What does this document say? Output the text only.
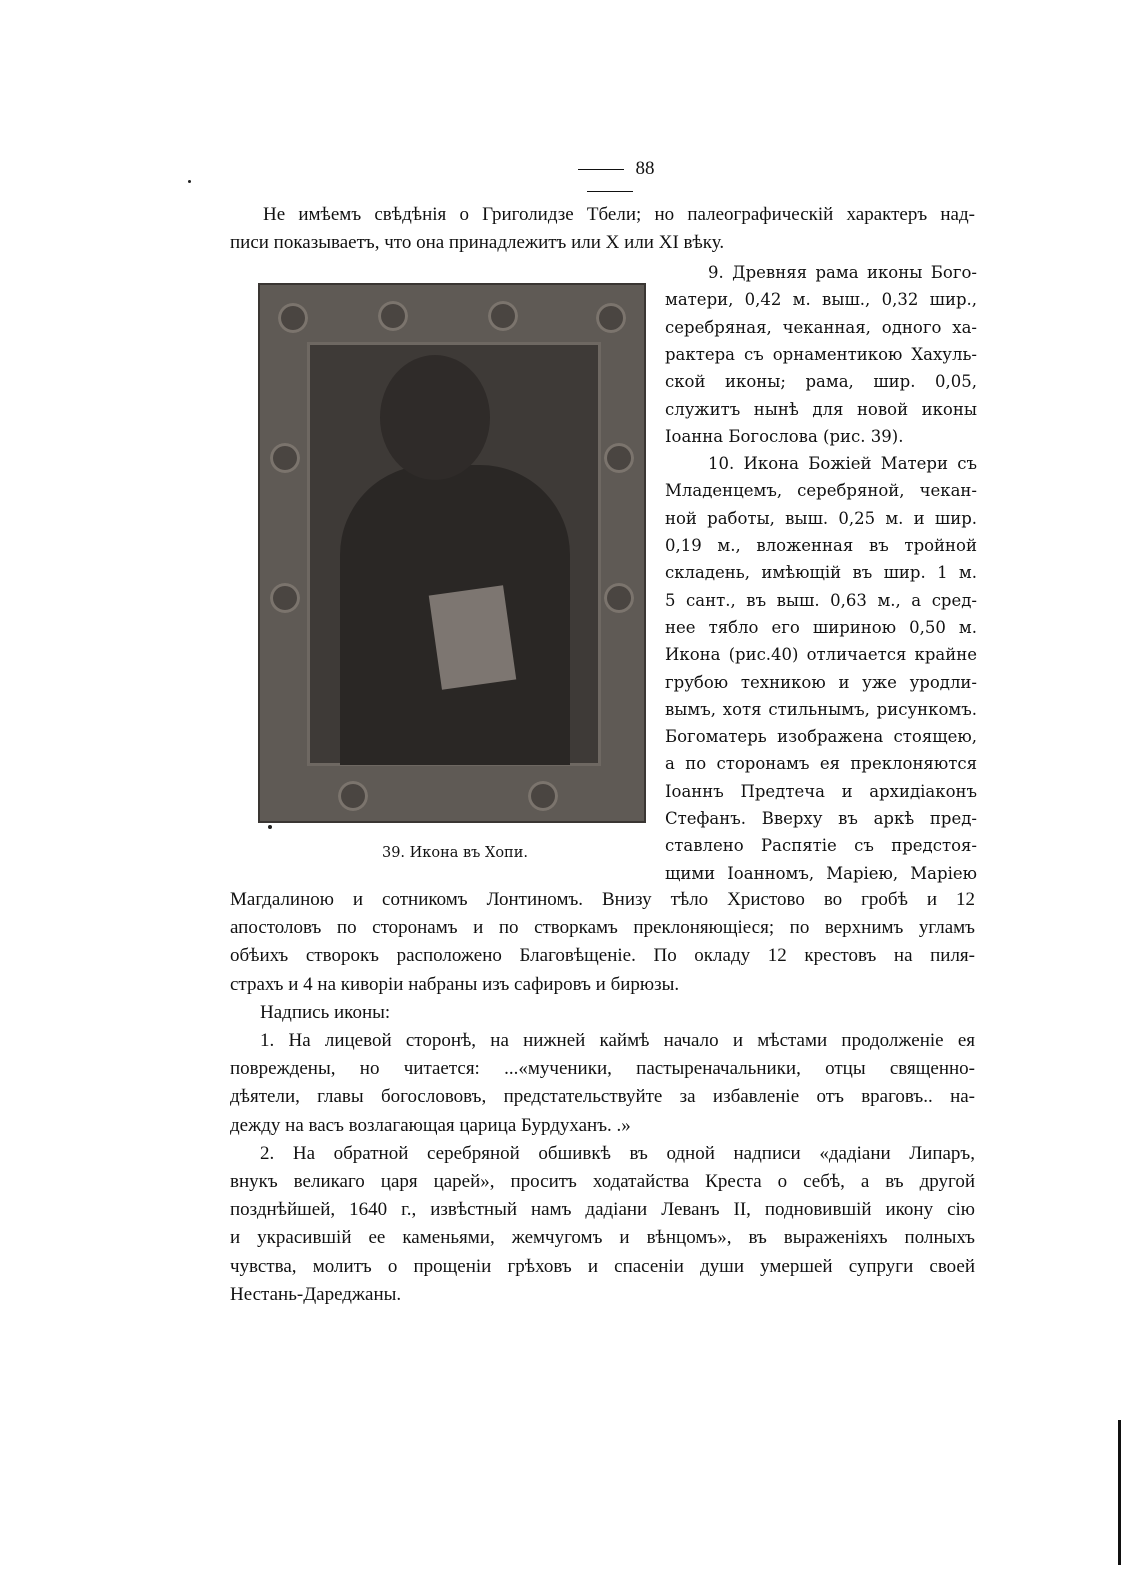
88
Не имѣемъ свѣдѣнія о Григолидзе Тбели; но палеографическій характеръ над-
писи показываетъ, что она принадлежитъ или X или XI вѣку.
39. Икона въ Хопи.
9. Древняя рама иконы Бого-
матери, 0,42 м. выш., 0,32 шир.,
серебряная, чеканная, одного ха-
рактера съ орнаментикою Хахуль-
ской иконы; рама, шир. 0,05,
служитъ нынѣ для новой иконы
Іоанна Богослова (рис. 39).
10. Икона Божіей Матери съ
Младенцемъ, серебряной, чекан-
ной работы, выш. 0,25 м. и шир.
0,19 м., вложенная въ тройной
складень, имѣющій въ шир. 1 м.
5 сант., въ выш. 0,63 м., а сред-
нее тябло его шириною 0,50 м.
Икона (рис.40) отличается крайне
грубою техникою и уже уродли-
вымъ, хотя стильнымъ, рисункомъ.
Богоматерь изображена стоящею,
а по сторонамъ ея преклоняются
Іоаннъ Предтеча и архидіаконъ
Стефанъ. Вверху въ аркѣ пред-
ставлено Распятіе съ предстоя-
щими Іоанномъ, Маріею, Маріею
Магдалиною и сотникомъ Лонтиномъ. Внизу тѣло Христово во гробѣ и 12
апостоловъ по сторонамъ и по створкамъ преклоняющіеся; по верхнимъ угламъ
обѣихъ створокъ расположено Благовѣщеніе. По окладу 12 крестовъ на пиля-
страхъ и 4 на кивоpіи набраны изъ сафировъ и бирюзы.
Надпись иконы:
1. На лицевой сторонѣ, на нижней каймѣ начало и мѣстами продолженіе ея
повреждены, но читается: ...«мученики, пастыреначальники, отцы священно-
дѣятели, главы богослововъ, предстательствуйте за избавленіе отъ враговъ.. на-
дежду на васъ возлагающая царица Бурдуханъ. .»
2. На обратной серебряной обшивкѣ въ одной надписи «дадіани Липаръ,
внукъ великаго царя царей», проситъ ходатайства Креста о себѣ, а въ другой
позднѣйшей, 1640 г., извѣстный намъ дадіани Леванъ II, подновившій икону сію
и украсившій ее каменьями, жемчугомъ и вѣнцомъ», въ выраженіяхъ полныхъ
чувства, молитъ о прощеніи грѣховъ и спасеніи души умершей супруги своей
Нестань-Дареджаны.
